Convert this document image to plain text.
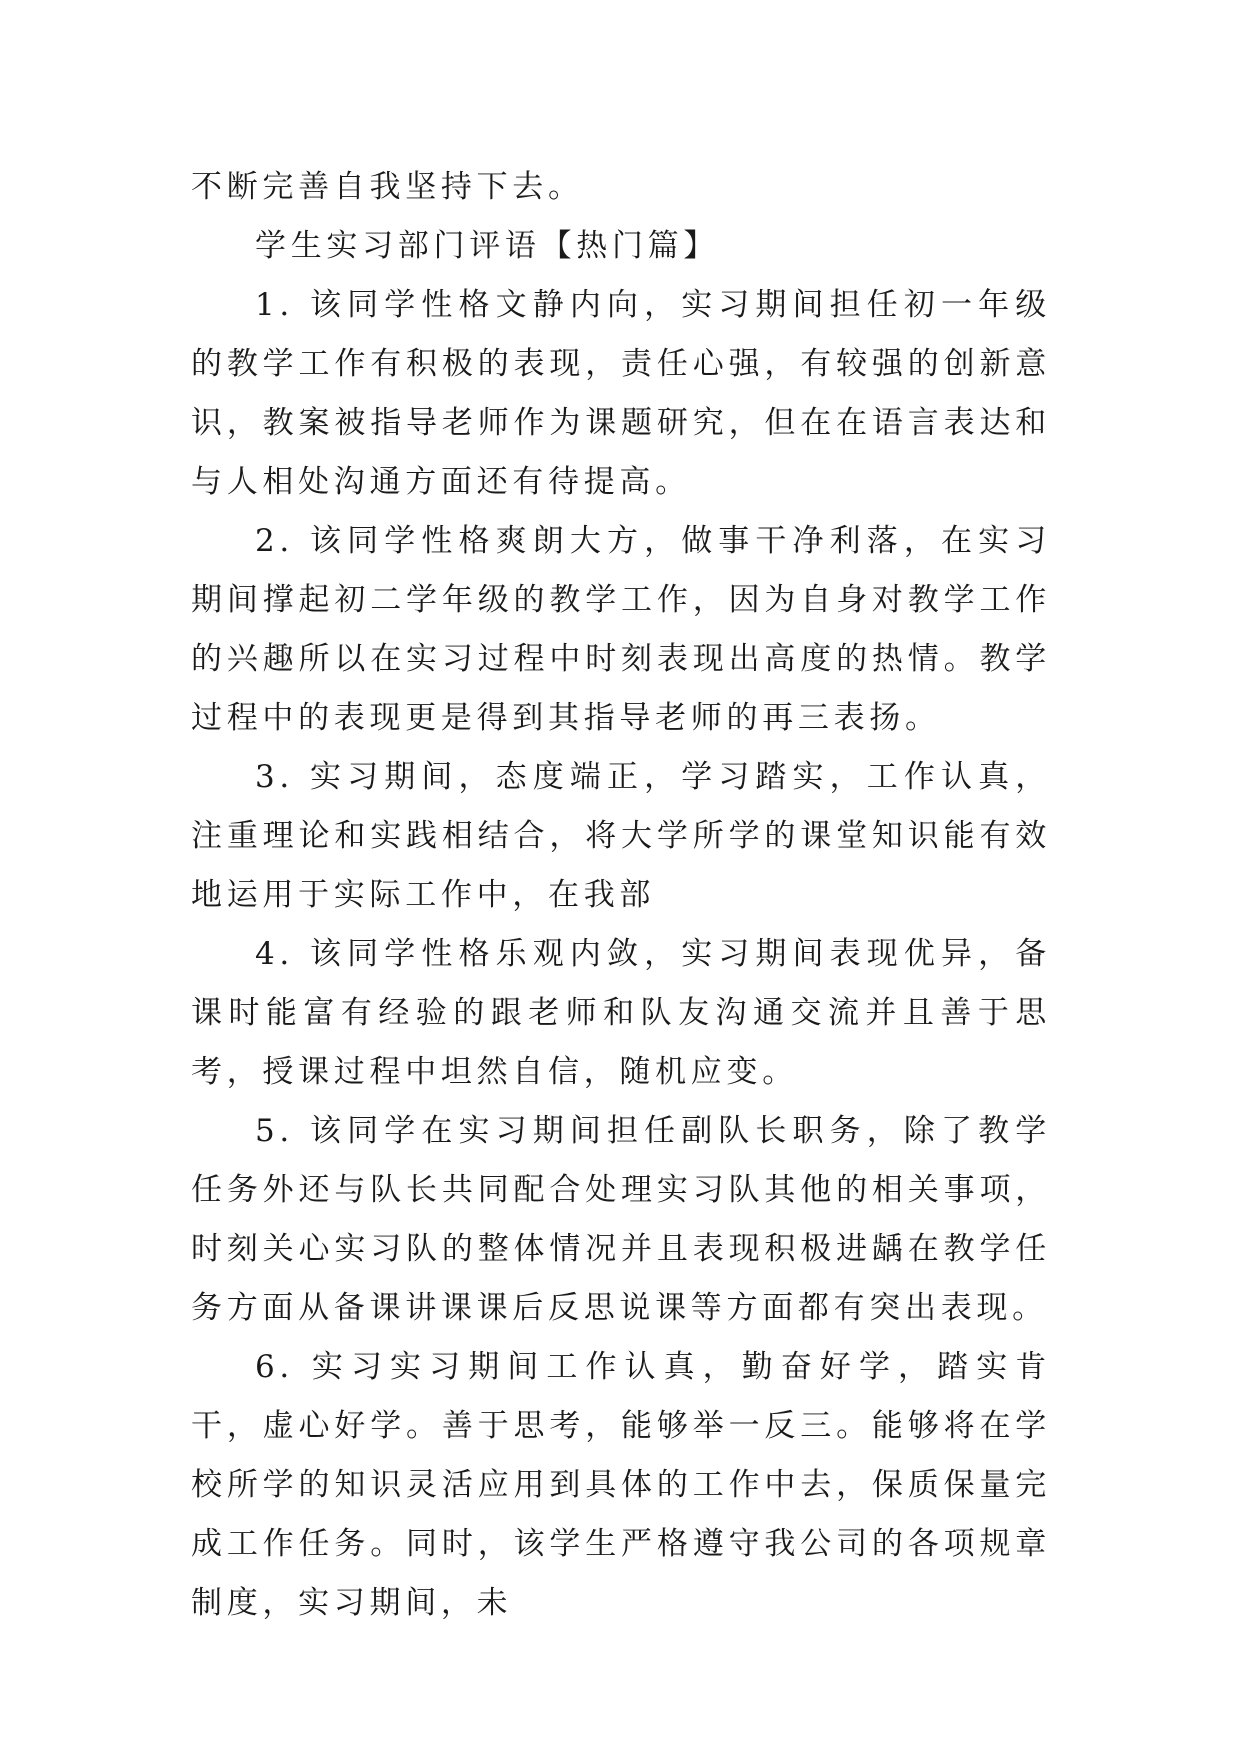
不断完善自我坚持下去。

学生实习部门评语【热门篇】

1. 该同学性格文静内向，实习期间担任初一年级的教学工作有积极的表现，责任心强，有较强的创新意识，教案被指导老师作为课题研究，但在在语言表达和与人相处沟通方面还有待提高。

2. 该同学性格爽朗大方，做事干净利落，在实习期间撑起初二学年级的教学工作，因为自身对教学工作的兴趣所以在实习过程中时刻表现出高度的热情。教学过程中的表现更是得到其指导老师的再三表扬。

3. 实习期间，态度端正，学习踏实，工作认真，注重理论和实践相结合，将大学所学的课堂知识能有效地运用于实际工作中，在我部

4. 该同学性格乐观内敛，实习期间表现优异，备课时能富有经验的跟老师和队友沟通交流并且善于思考，授课过程中坦然自信，随机应变。

5. 该同学在实习期间担任副队长职务，除了教学任务外还与队长共同配合处理实习队其他的相关事项，时刻关心实习队的整体情况并且表现积极进龋在教学任务方面从备课讲课课后反思说课等方面都有突出表现。

6. 实习实习期间工作认真，勤奋好学，踏实肯干，虚心好学。善于思考，能够举一反三。能够将在学校所学的知识灵活应用到具体的工作中去，保质保量完成工作任务。同时，该学生严格遵守我公司的各项规章制度，实习期间，未
